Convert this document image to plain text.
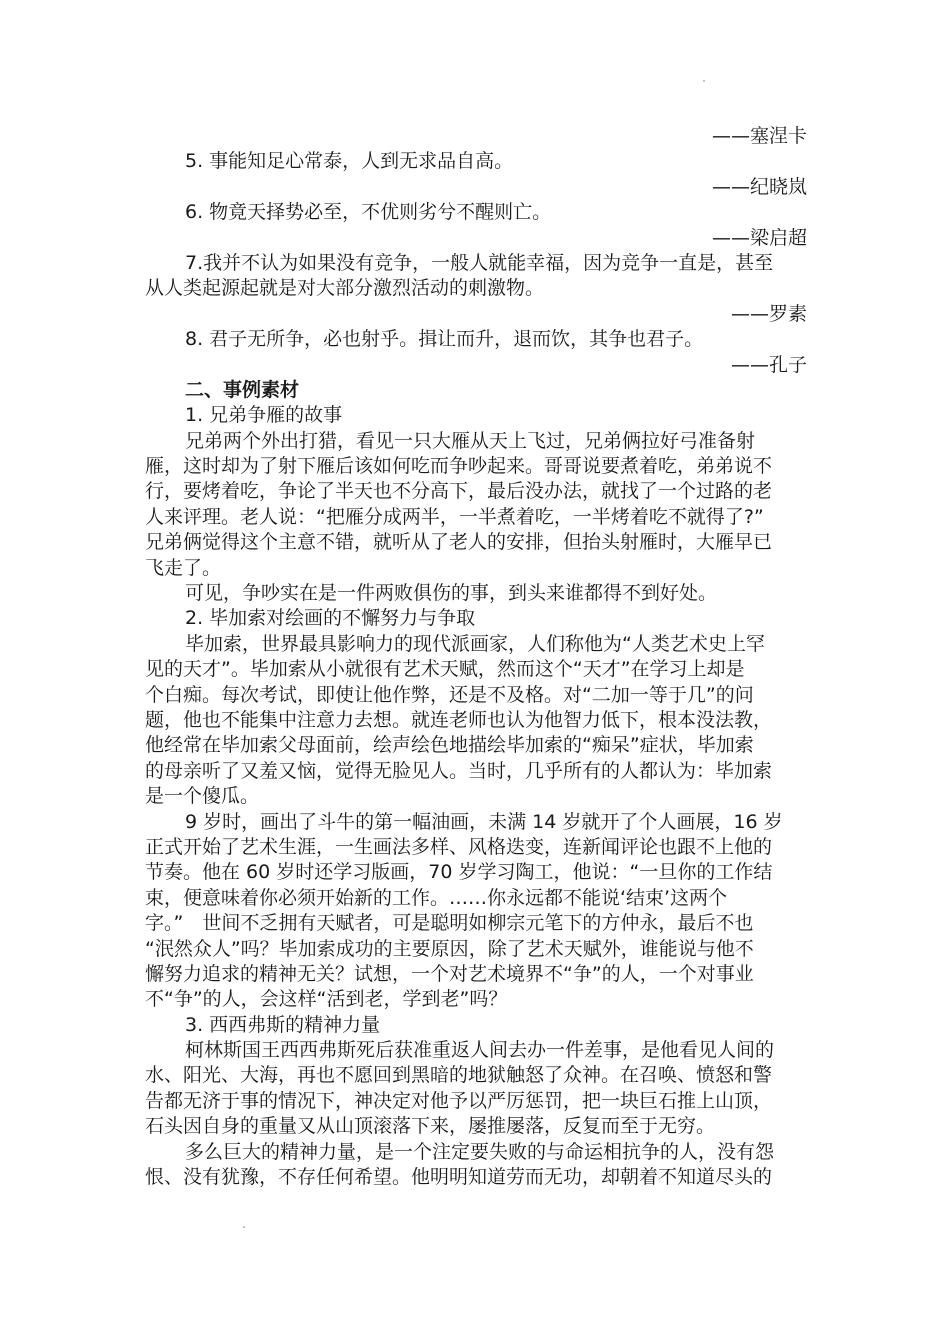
——塞涅卡
5. 事能知足心常泰，人到无求品自高。
——纪晓岚
6. 物竟天择势必至，不优则劣兮不醒则亡。
——梁启超
7.我并不认为如果没有竞争，一般人就能幸福，因为竞争一直是，甚至
从人类起源起就是对大部分激烈活动的刺激物。
——罗素
8. 君子无所争，必也射乎。揖让而升，退而饮，其争也君子。
——孔子
二、事例素材
1. 兄弟争雁的故事
兄弟两个外出打猎，看见一只大雁从天上飞过，兄弟俩拉好弓准备射
雁，这时却为了射下雁后该如何吃而争吵起来。哥哥说要煮着吃，弟弟说不
行，要烤着吃，争论了半天也不分高下，最后没办法，就找了一个过路的老
人来评理。老人说：“把雁分成两半，一半煮着吃，一半烤着吃不就得了?”
兄弟俩觉得这个主意不错，就听从了老人的安排，但抬头射雁时，大雁早已
飞走了。
可见，争吵实在是一件两败俱伤的事，到头来谁都得不到好处。
2. 毕加索对绘画的不懈努力与争取
毕加索，世界最具影响力的现代派画家，人们称他为“人类艺术史上罕
见的天才”。毕加索从小就很有艺术天赋，然而这个“天才”在学习上却是
个白痴。每次考试，即使让他作弊，还是不及格。对“二加一等于几”的问
题，他也不能集中注意力去想。就连老师也认为他智力低下，根本没法教，
他经常在毕加索父母面前，绘声绘色地描绘毕加索的“痴呆”症状，毕加索
的母亲听了又羞又恼，觉得无脸见人。当时，几乎所有的人都认为：毕加索
是一个傻瓜。
9 岁时，画出了斗牛的第一幅油画，未满 14 岁就开了个人画展，16 岁
正式开始了艺术生涯，一生画法多样、风格迭变，连新闻评论也跟不上他的
节奏。他在 60 岁时还学习版画，70 岁学习陶工，他说：“一旦你的工作结
束，便意味着你必须开始新的工作。……你永远都不能说‘结束’这两个
字。”　世间不乏拥有天赋者，可是聪明如柳宗元笔下的方仲永，最后不也
“泯然众人”吗？毕加索成功的主要原因，除了艺术天赋外，谁能说与他不
懈努力追求的精神无关？试想，一个对艺术境界不“争”的人，一个对事业
不“争”的人，会这样“活到老，学到老”吗？
3. 西西弗斯的精神力量
柯林斯国王西西弗斯死后获准重返人间去办一件差事，是他看见人间的
水、阳光、大海，再也不愿回到黑暗的地狱触怒了众神。在召唤、愤怒和警
告都无济于事的情况下，神决定对他予以严厉惩罚，把一块巨石推上山顶，
石头因自身的重量又从山顶滚落下来，屡推屡落，反复而至于无穷。
多么巨大的精神力量，是一个注定要失败的与命运相抗争的人，没有怨
恨、没有犹豫，不存任何希望。他明明知道劳而无功，却朝着不知道尽头的
